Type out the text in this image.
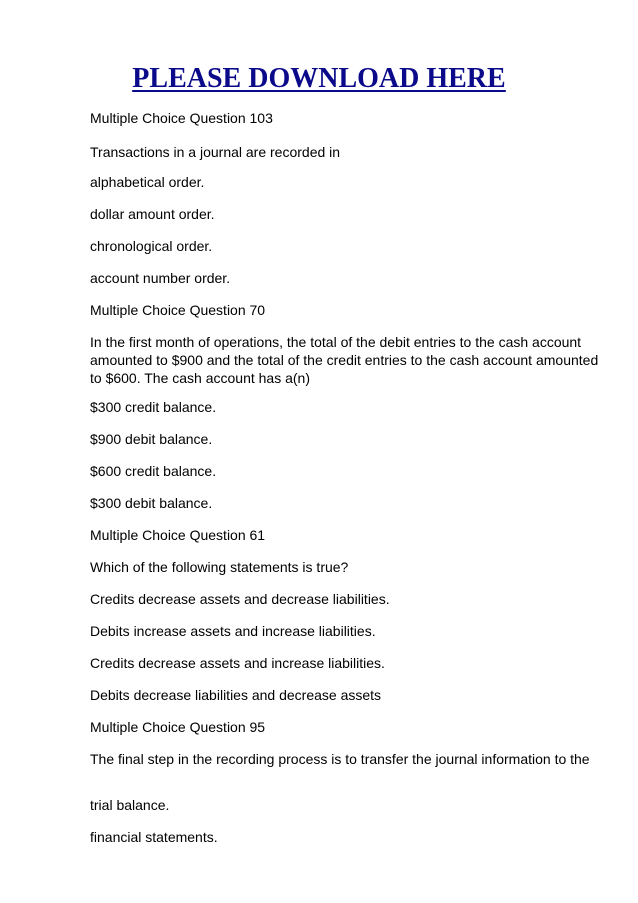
PLEASE DOWNLOAD HERE

Multiple Choice Question 103

Transactions in a journal are recorded in

alphabetical order.

dollar amount order.

chronological order.

account number order.

Multiple Choice Question 70

In the first month of operations, the total of the debit entries to the cash account amounted to $900 and the total of the credit entries to the cash account amounted to $600. The cash account has a(n)

$300 credit balance.

$900 debit balance.

$600 credit balance.

$300 debit balance.

Multiple Choice Question 61

Which of the following statements is true?

Credits decrease assets and decrease liabilities.

Debits increase assets and increase liabilities.

Credits decrease assets and increase liabilities.

Debits decrease liabilities and decrease assets

Multiple Choice Question 95

The final step in the recording process is to transfer the journal information to the

trial balance.

financial statements.
